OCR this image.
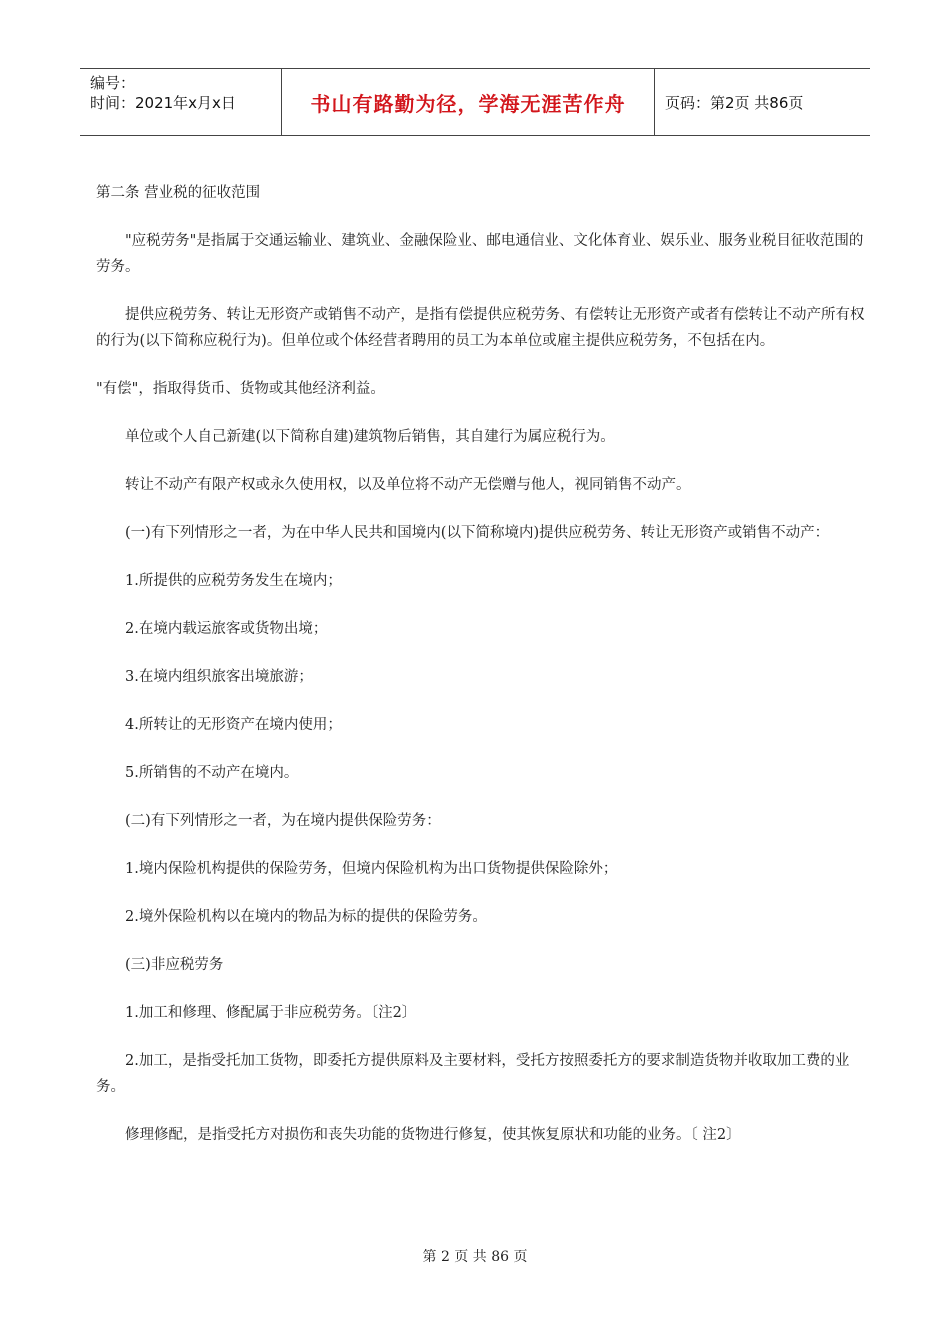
编号：
时间：2021年x月x日	书山有路勤为径，学海无涯苦作舟	页码：第2页 共86页

第二条 营业税的征收范围

"应税劳务"是指属于交通运输业、建筑业、金融保险业、邮电通信业、文化体育业、娱乐业、服务业税目征收范围的劳务。

提供应税劳务、转让无形资产或销售不动产，是指有偿提供应税劳务、有偿转让无形资产或者有偿转让不动产所有权的行为(以下简称应税行为)。但单位或个体经营者聘用的员工为本单位或雇主提供应税劳务，不包括在内。

"有偿"，指取得货币、货物或其他经济利益。

单位或个人自己新建(以下简称自建)建筑物后销售，其自建行为属应税行为。

转让不动产有限产权或永久使用权，以及单位将不动产无偿赠与他人，视同销售不动产。

(一)有下列情形之一者，为在中华人民共和国境内(以下简称境内)提供应税劳务、转让无形资产或销售不动产：

1.所提供的应税劳务发生在境内；

2.在境内载运旅客或货物出境；

3.在境内组织旅客出境旅游；

4.所转让的无形资产在境内使用；

5.所销售的不动产在境内。

(二)有下列情形之一者，为在境内提供保险劳务：

1.境内保险机构提供的保险劳务，但境内保险机构为出口货物提供保险除外；

2.境外保险机构以在境内的物品为标的提供的保险劳务。

(三)非应税劳务

1.加工和修理、修配属于非应税劳务。〔注2〕

2.加工，是指受托加工货物，即委托方提供原料及主要材料，受托方按照委托方的要求制造货物并收取加工费的业务。

修理修配，是指受托方对损伤和丧失功能的货物进行修复，使其恢复原状和功能的业务。〔 注2〕

第 2 页 共 86 页
